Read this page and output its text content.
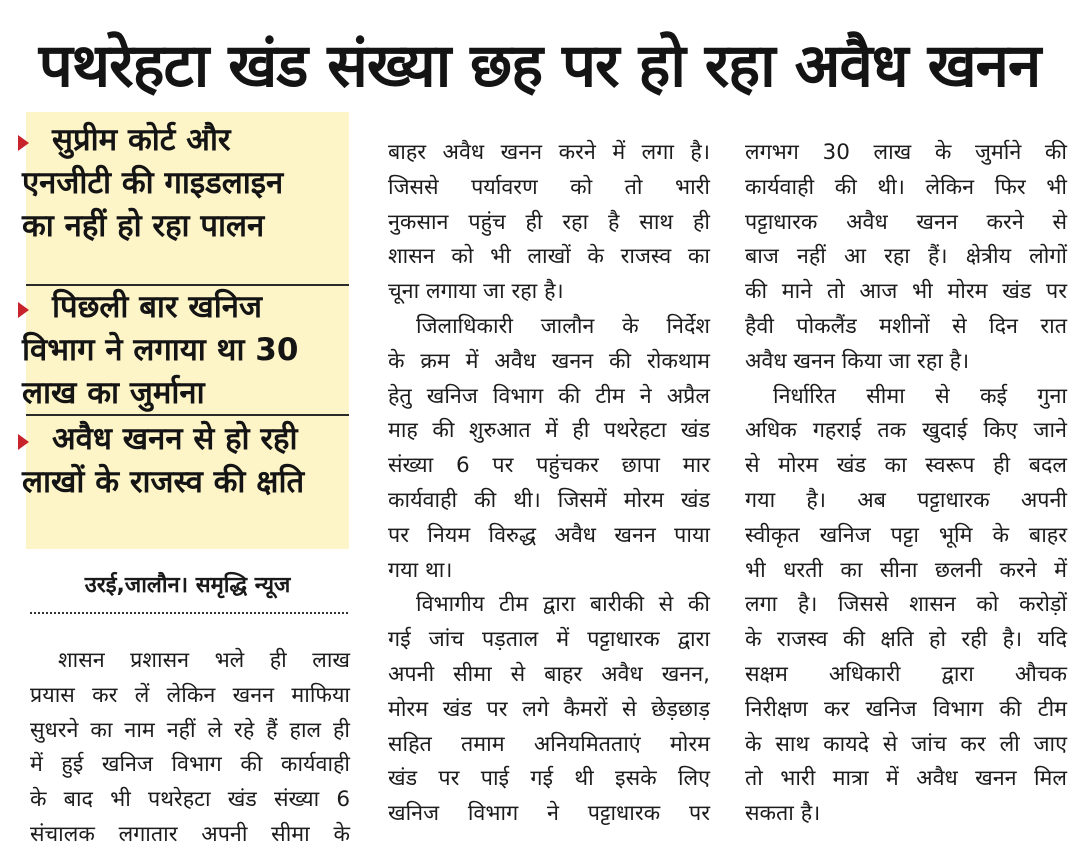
पथरेहटा खंड संख्या छह पर हो रहा अवैध खनन
सुप्रीम कोर्ट और एनजीटी की गाइडलाइन का नहीं हो रहा पालन
पिछली बार खनिज विभाग ने लगाया था 30 लाख का जुर्माना
अवैध खनन से हो रही लाखों के राजस्व की क्षति
उरई,जालौन। समृद्धि न्यूज

शासन प्रशासन भले ही लाख
प्रयास कर लें लेकिन खनन माफिया
सुधरने का नाम नहीं ले रहे हैं हाल ही
में हुई खनिज विभाग की कार्यवाही
के बाद भी पथरेहटा खंड संख्या 6
संचालक लगातार अपनी सीमा के

बाहर अवैध खनन करने में लगा है।
जिससे पर्यावरण को तो भारी
नुकसान पहुंच ही रहा है साथ ही
शासन को भी लाखों के राजस्व का
चूना लगाया जा रहा है।

जिलाधिकारी जालौन के निर्देश
के क्रम में अवैध खनन की रोकथाम
हेतु खनिज विभाग की टीम ने अप्रैल
माह की शुरुआत में ही पथरेहटा खंड
संख्या 6 पर पहुंचकर छापा मार
कार्यवाही की थी। जिसमें मोरम खंड
पर नियम विरुद्ध अवैध खनन पाया
गया था।

विभागीय टीम द्वारा बारीकी से की
गई जांच पड़ताल में पट्टाधारक द्वारा
अपनी सीमा से बाहर अवैध खनन,
मोरम खंड पर लगे कैमरों से छेड़छाड़
सहित तमाम अनियमितताएं मोरम
खंड पर पाई गई थी इसके लिए
खनिज विभाग ने पट्टाधारक पर

लगभग 30 लाख के जुर्माने की
कार्यवाही की थी। लेकिन फिर भी
पट्टाधारक अवैध खनन करने से
बाज नहीं आ रहा हैं। क्षेत्रीय लोगों
की माने तो आज भी मोरम खंड पर
हैवी पोकलैंड मशीनों से दिन रात
अवैध खनन किया जा रहा है।

निर्धारित सीमा से कई गुना
अधिक गहराई तक खुदाई किए जाने
से मोरम खंड का स्वरूप ही बदल
गया है। अब पट्टाधारक अपनी
स्वीकृत खनिज पट्टा भूमि के बाहर
भी धरती का सीना छलनी करने में
लगा है। जिससे शासन को करोड़ों
के राजस्व की क्षति हो रही है। यदि
सक्षम अधिकारी द्वारा औचक
निरीक्षण कर खनिज विभाग की टीम
के साथ कायदे से जांच कर ली जाए
तो भारी मात्रा में अवैध खनन मिल
सकता है।
